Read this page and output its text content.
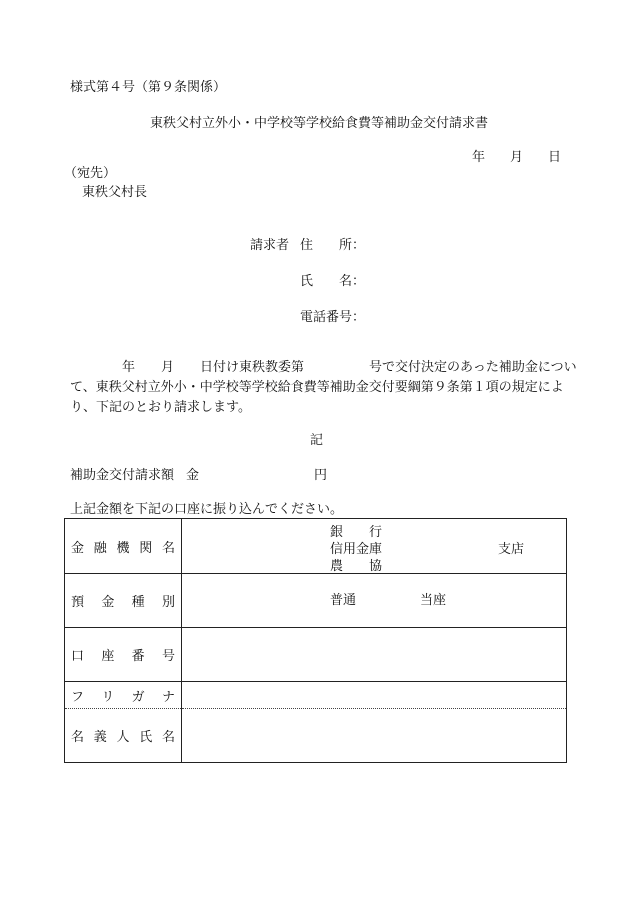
様式第４号（第９条関係）
東秩父村立外小・中学校等学校給食費等補助金交付請求書
年 月 日
（宛先）
東秩父村長
請求者 住　　所：
氏　　名：
電話番号：
　　　　年　　月　　日付け東秩教委第　　　　　号で交付決定のあった補助金につい
て、東秩父村立外小・中学校等学校給食費等補助金交付要綱第９条第１項の規定によ
り、下記のとおり請求します。
記
補助金交付請求額 金	円
上記金額を下記の口座に振り込んでください。
金 融 機 関 名	銀　　行
信用金庫
農　　協
支店

預 金 種 別	普通 当座

口 座 番 号	

フ リ ガ ナ	

名 義 人 氏 名	
